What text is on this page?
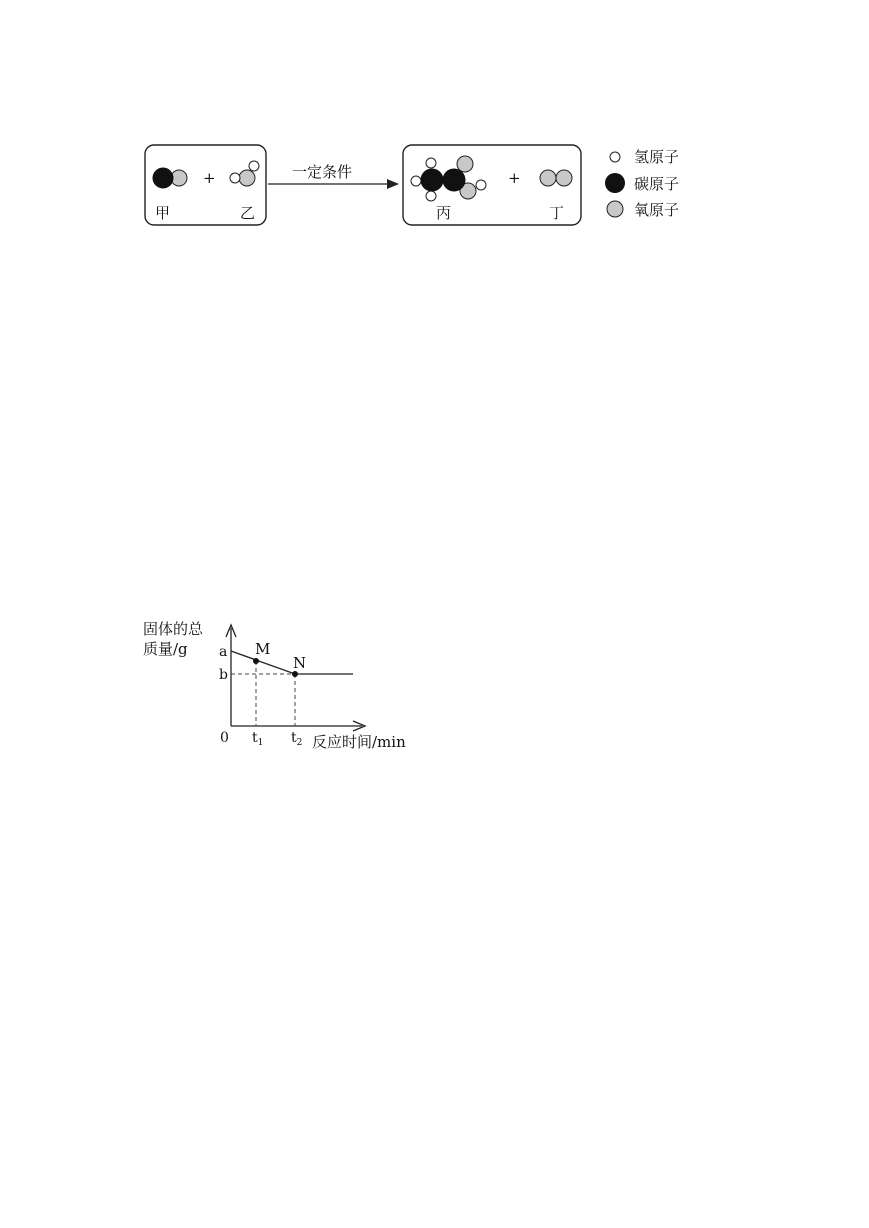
+
甲	乙
一定条件	+
丙	丁
氢原子
碳原子
氧原子
固体的总
质量/g a
b
0 $t_1$ $t_2$ 反应时间/min
M
N
